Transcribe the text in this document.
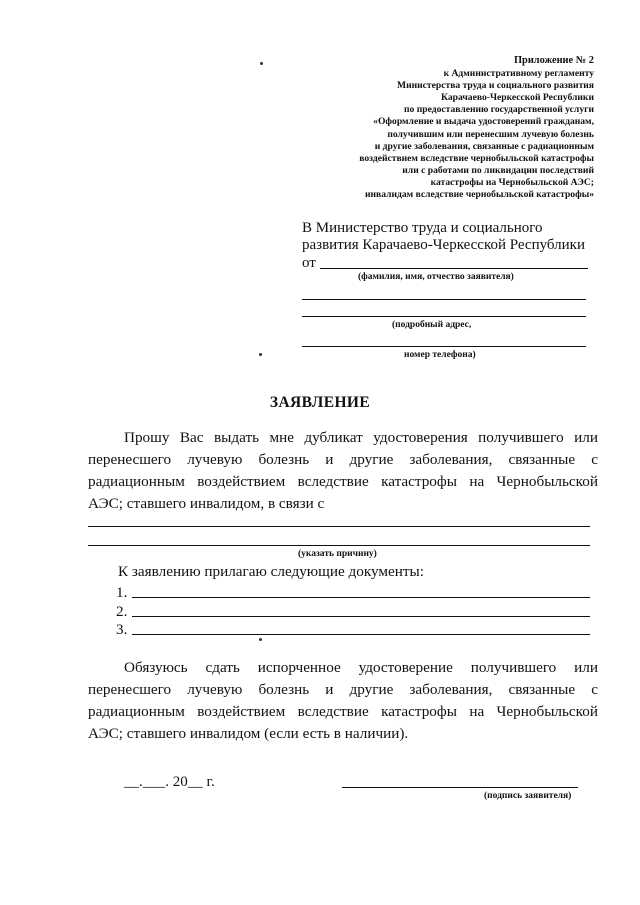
Приложение № 2
к Административному регламенту
Министерства труда и социального развития
Карачаево-Черкесской Республики
по предоставлению государственной услуги
«Оформление и выдача удостоверений гражданам,
получившим или перенесшим лучевую болезнь
и другие заболевания, связанные с радиационным
воздействием вследствие чернобыльской катастрофы
или с работами по ликвидации последствий
катастрофы на Чернобыльской АЭС;
инвалидам вследствие чернобыльской катастрофы»
В Министерство труда и социального
развития Карачаево-Черкесской Республики
от
(фамилия, имя, отчество заявителя)
(подробный адрес,
номер телефона)
ЗАЯВЛЕНИЕ
Прошу Вас выдать мне дубликат удостоверения получившего или
перенесшего лучевую болезнь и другие заболевания, связанные с
радиационным воздействием вследствие катастрофы на Чернобыльской
АЭС; ставшего инвалидом, в связи с
(указать причину)
К заявлению прилагаю следующие документы:
1.
2.
3.
Обязуюсь сдать испорченное удостоверение получившего или
перенесшего лучевую болезнь и другие заболевания, связанные с
радиационным воздействием вследствие катастрофы на Чернобыльской
АЭС; ставшего инвалидом (если есть в наличии).
__.___. 20__ г.
(подпись заявителя)
